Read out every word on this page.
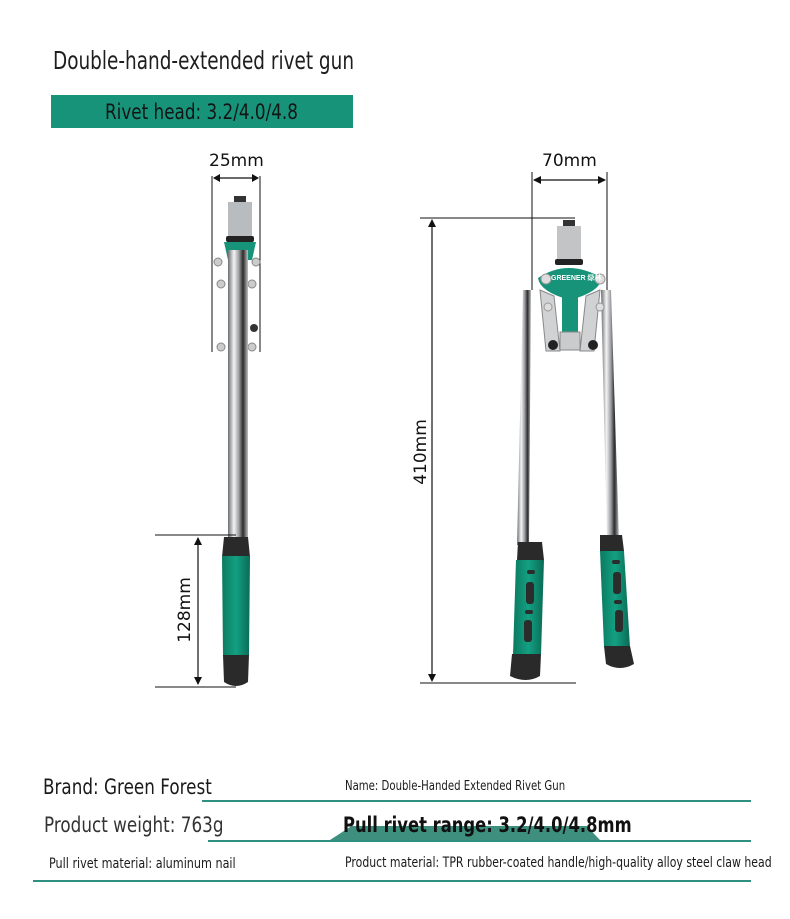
Double-hand-extended rivet gun
Rivet head: 3.2/4.0/4.8
25mm
128mm
70mm
GREENER 绿林
410mm
Brand: Green Forest	Name: Double-Handed Extended Rivet Gun
Product weight: 763g	Pull rivet range: 3.2/4.0/4.8mm
Pull rivet material: aluminum nail	Product material: TPR rubber-coated handle/high-quality alloy steel claw head
